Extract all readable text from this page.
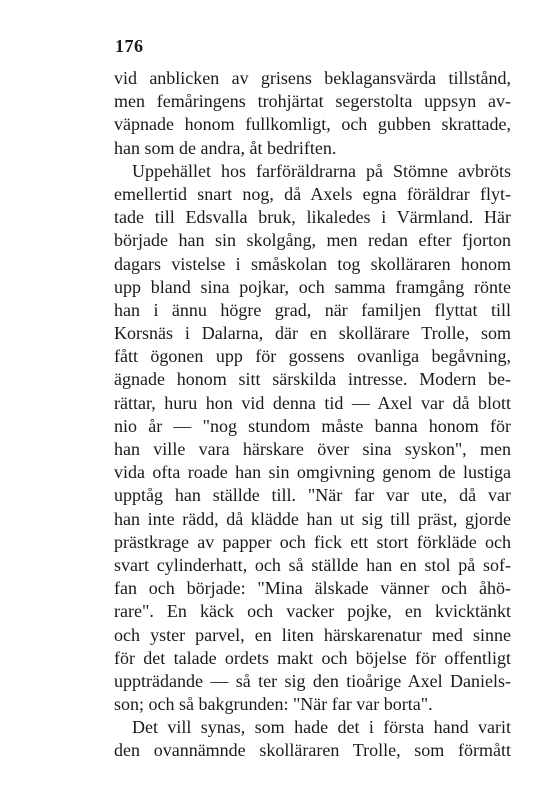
176
vid anblicken av grisens beklagansvärda tillstånd,
men femåringens trohjärtat segerstolta uppsyn av-
väpnade honom fullkomligt, och gubben skrattade,
han som de andra, åt bedriften.
Uppehället hos farföräldrarna på Stömne avbröts
emellertid snart nog, då Axels egna föräldrar flyt-
tade till Edsvalla bruk, likaledes i Värmland. Här
började han sin skolgång, men redan efter fjorton
dagars vistelse i småskolan tog skolläraren honom
upp bland sina pojkar, och samma framgång rönte
han i ännu högre grad, när familjen flyttat till
Korsnäs i Dalarna, där en skollärare Trolle, som
fått ögonen upp för gossens ovanliga begåvning,
ägnade honom sitt särskilda intresse. Modern be-
rättar, huru hon vid denna tid — Axel var då blott
nio år — "nog stundom måste banna honom för
han ville vara härskare över sina syskon", men
vida ofta roade han sin omgivning genom de lustiga
upptåg han ställde till. "När far var ute, då var
han inte rädd, då klädde han ut sig till präst, gjorde
prästkrage av papper och fick ett stort förkläde och
svart cylinderhatt, och så ställde han en stol på sof-
fan och började: "Mina älskade vänner och åhö-
rare". En käck och vacker pojke, en kvicktänkt
och yster parvel, en liten härskarenatur med sinne
för det talade ordets makt och böjelse för offentligt
uppträdande — så ter sig den tioårige Axel Daniels-
son; och så bakgrunden: "När far var borta".
Det vill synas, som hade det i första hand varit
den ovannämnde skolläraren Trolle, som förmått
